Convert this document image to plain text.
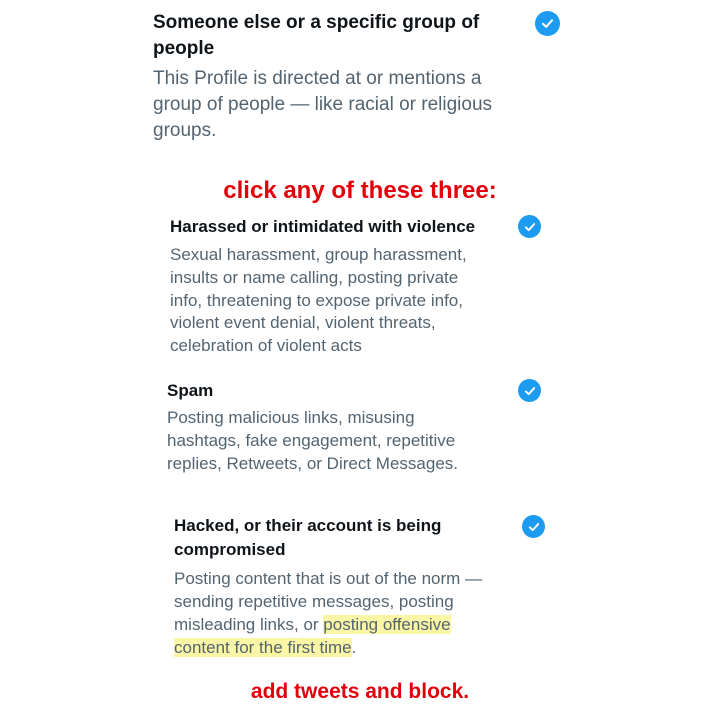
Someone else or a specific group of
people
This Profile is directed at or mentions a
group of people — like racial or religious
groups.
click any of these three:
Harassed or intimidated with violence
Sexual harassment, group harassment,
insults or name calling, posting private
info, threatening to expose private info,
violent event denial, violent threats,
celebration of violent acts
Spam
Posting malicious links, misusing
hashtags, fake engagement, repetitive
replies, Retweets, or Direct Messages.
Hacked, or their account is being
compromised
Posting content that is out of the norm —
sending repetitive messages, posting
misleading links, or posting offensive
content for the first time.
add tweets and block.
